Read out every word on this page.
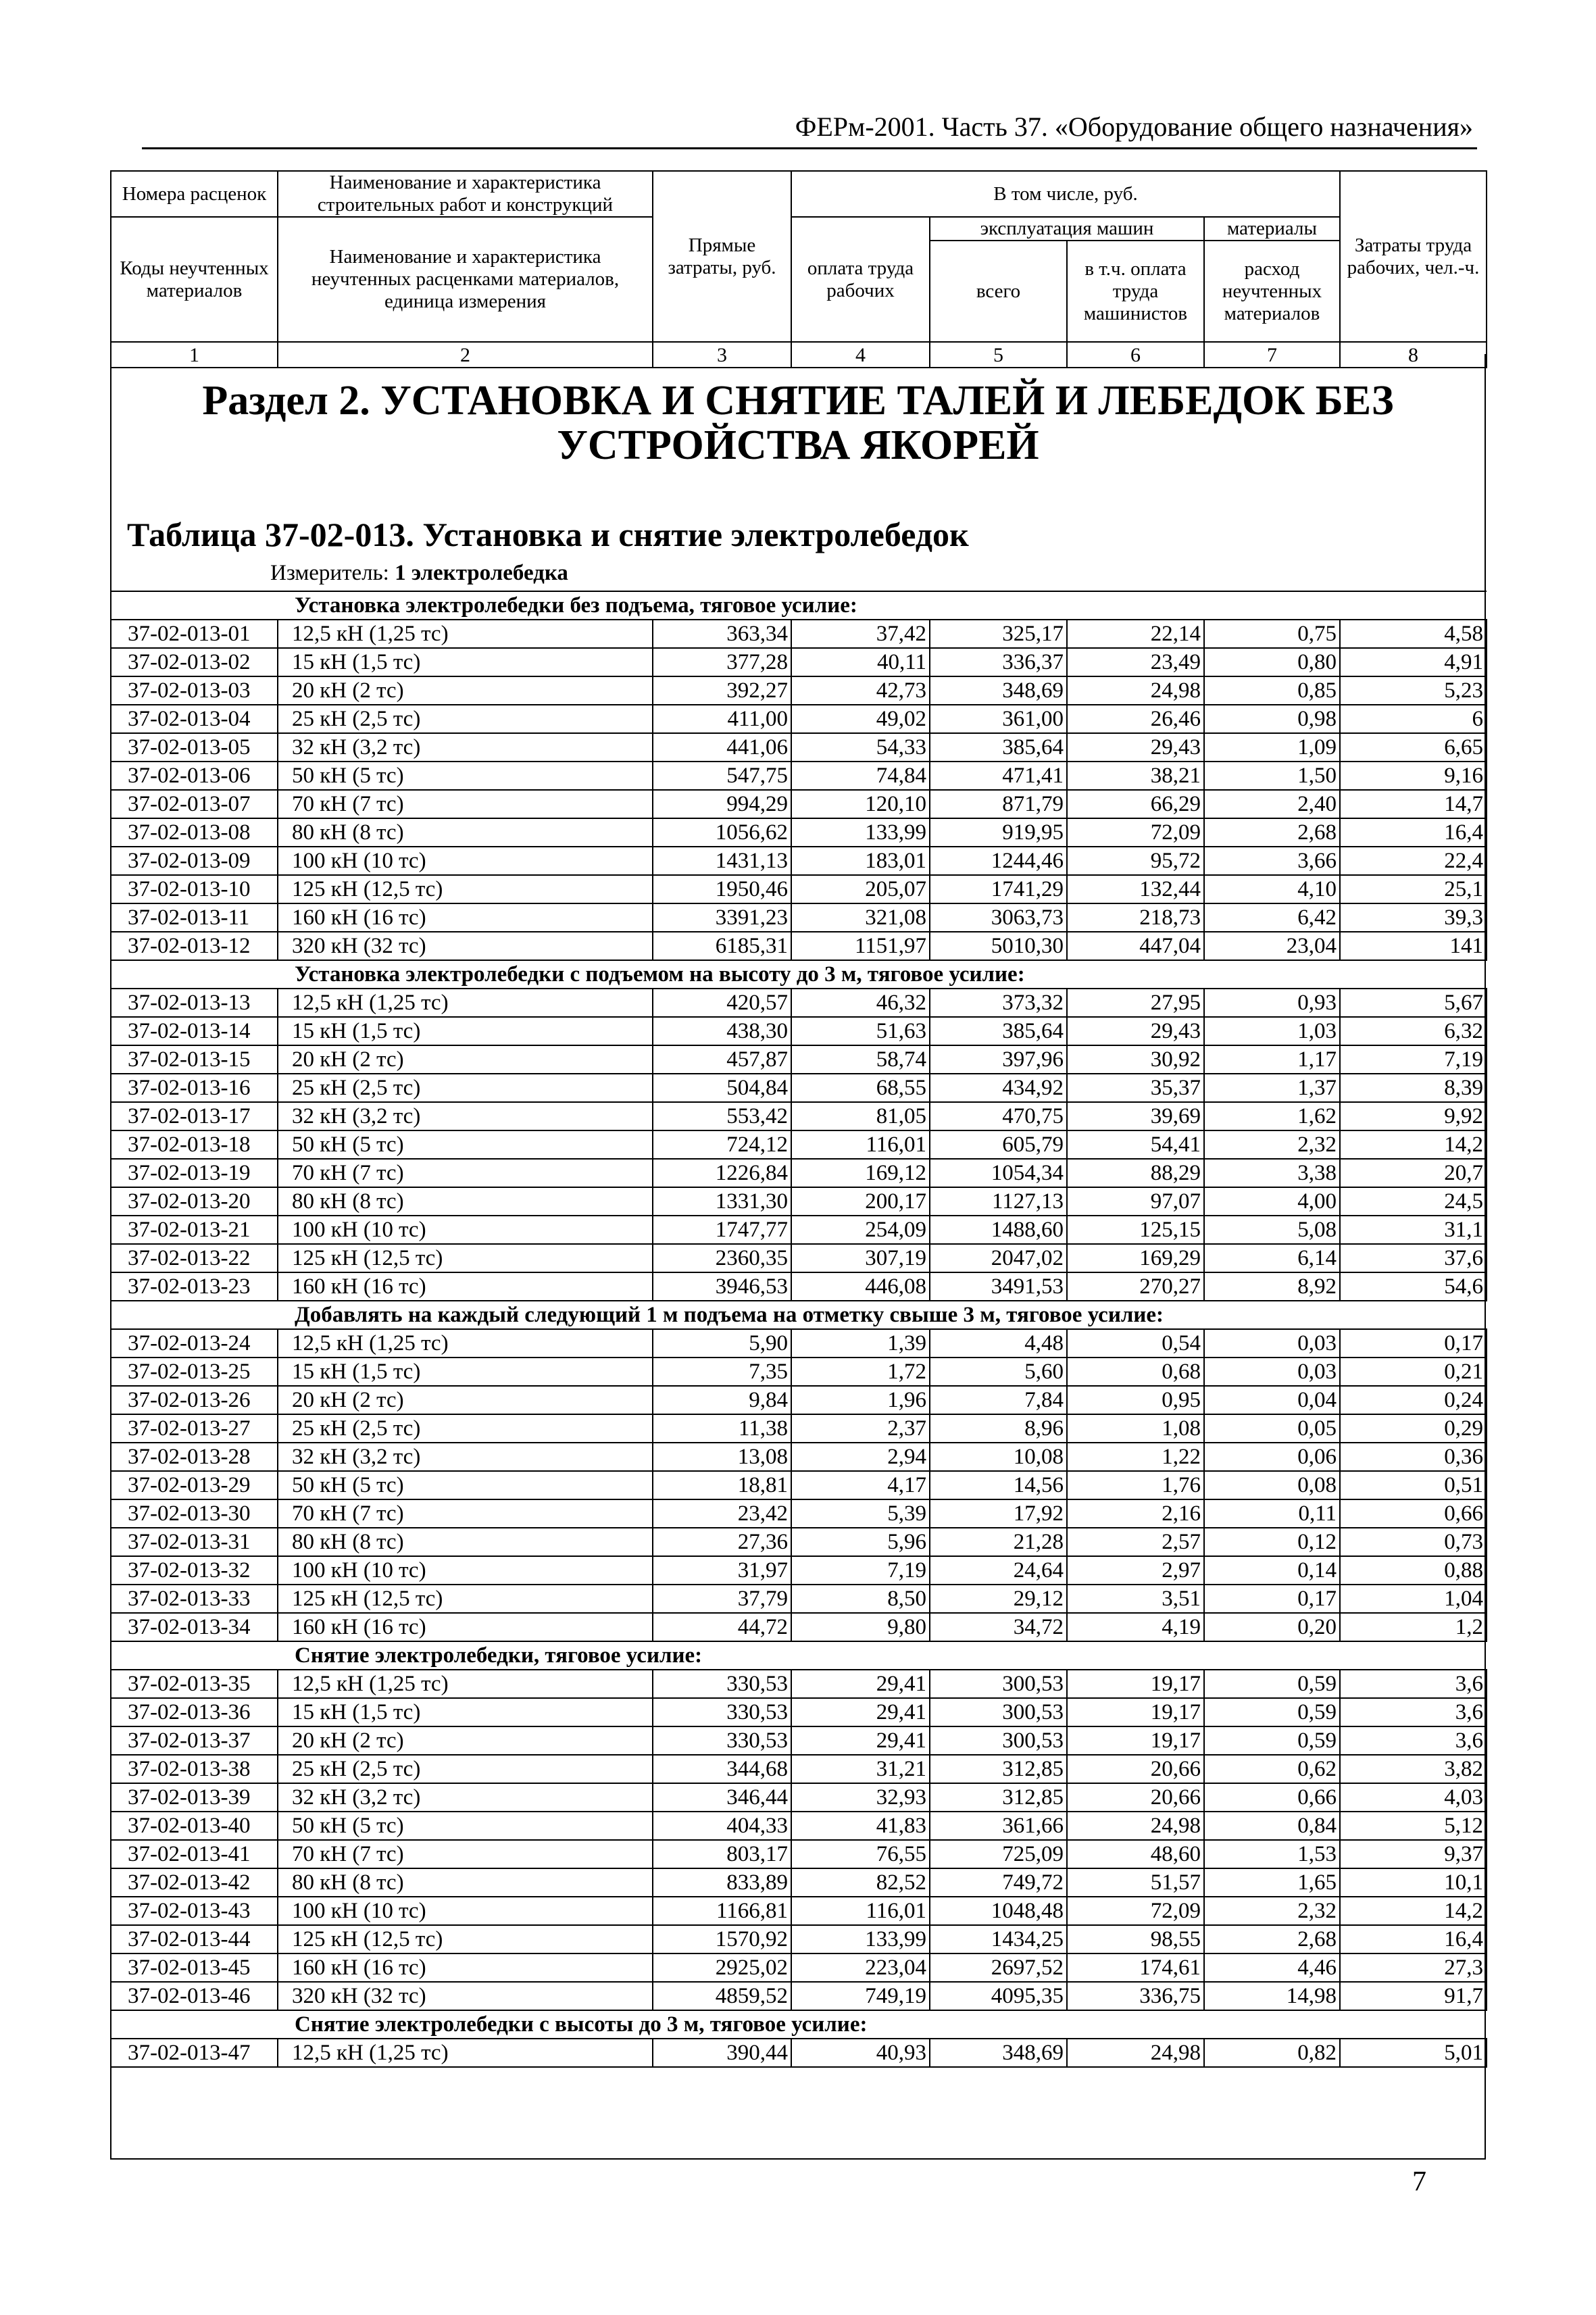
ФЕРм-2001. Часть 37. «Оборудование общего назначения»
Номера расценок	Наименование и характеристика строительных работ и конструкций	Прямые затраты, руб.	В том числе, руб.				Затраты труда рабочих, чел.-ч.
Коды неучтенных материалов	Наименование и характеристика неучтенных расценками материалов, единица измерения		оплата труда рабочих	эксплуатация машин		материалы	
				всего	в т.ч. оплата труда машинистов	расход неучтенных материалов	
1	2	3	4	5	6	7	8
Раздел 2. УСТАНОВКА И СНЯТИЕ ТАЛЕЙ И ЛЕБЕДОК БЕЗ УСТРОЙСТВА ЯКОРЕЙ
Таблица 37-02-013. Установка и снятие электролебедок
Измеритель: 1 электролебедка
Установка электролебедки без подъема, тяговое усилие:							
37-02-013-01	12,5 кН (1,25 тс)	363,34	37,42	325,17	22,14	0,75	4,58
37-02-013-02	15 кН (1,5 тс)	377,28	40,11	336,37	23,49	0,80	4,91
37-02-013-03	20 кН (2 тс)	392,27	42,73	348,69	24,98	0,85	5,23
37-02-013-04	25 кН (2,5 тс)	411,00	49,02	361,00	26,46	0,98	6
37-02-013-05	32 кН (3,2 тс)	441,06	54,33	385,64	29,43	1,09	6,65
37-02-013-06	50 кН (5 тс)	547,75	74,84	471,41	38,21	1,50	9,16
37-02-013-07	70 кН (7 тс)	994,29	120,10	871,79	66,29	2,40	14,7
37-02-013-08	80 кН (8 тс)	1056,62	133,99	919,95	72,09	2,68	16,4
37-02-013-09	100 кН (10 тс)	1431,13	183,01	1244,46	95,72	3,66	22,4
37-02-013-10	125 кН (12,5 тс)	1950,46	205,07	1741,29	132,44	4,10	25,1
37-02-013-11	160 кН (16 тс)	3391,23	321,08	3063,73	218,73	6,42	39,3
37-02-013-12	320 кН (32 тс)	6185,31	1151,97	5010,30	447,04	23,04	141
Установка электролебедки с подъемом на высоту до 3 м, тяговое усилие:							
37-02-013-13	12,5 кН (1,25 тс)	420,57	46,32	373,32	27,95	0,93	5,67
37-02-013-14	15 кН (1,5 тс)	438,30	51,63	385,64	29,43	1,03	6,32
37-02-013-15	20 кН (2 тс)	457,87	58,74	397,96	30,92	1,17	7,19
37-02-013-16	25 кН (2,5 тс)	504,84	68,55	434,92	35,37	1,37	8,39
37-02-013-17	32 кН (3,2 тс)	553,42	81,05	470,75	39,69	1,62	9,92
37-02-013-18	50 кН (5 тс)	724,12	116,01	605,79	54,41	2,32	14,2
37-02-013-19	70 кН (7 тс)	1226,84	169,12	1054,34	88,29	3,38	20,7
37-02-013-20	80 кН (8 тс)	1331,30	200,17	1127,13	97,07	4,00	24,5
37-02-013-21	100 кН (10 тс)	1747,77	254,09	1488,60	125,15	5,08	31,1
37-02-013-22	125 кН (12,5 тс)	2360,35	307,19	2047,02	169,29	6,14	37,6
37-02-013-23	160 кН (16 тс)	3946,53	446,08	3491,53	270,27	8,92	54,6
Добавлять на каждый следующий 1 м подъема на отметку свыше 3 м, тяговое усилие:							
37-02-013-24	12,5 кН (1,25 тс)	5,90	1,39	4,48	0,54	0,03	0,17
37-02-013-25	15 кН (1,5 тс)	7,35	1,72	5,60	0,68	0,03	0,21
37-02-013-26	20 кН (2 тс)	9,84	1,96	7,84	0,95	0,04	0,24
37-02-013-27	25 кН (2,5 тс)	11,38	2,37	8,96	1,08	0,05	0,29
37-02-013-28	32 кН (3,2 тс)	13,08	2,94	10,08	1,22	0,06	0,36
37-02-013-29	50 кН (5 тс)	18,81	4,17	14,56	1,76	0,08	0,51
37-02-013-30	70 кН (7 тс)	23,42	5,39	17,92	2,16	0,11	0,66
37-02-013-31	80 кН (8 тс)	27,36	5,96	21,28	2,57	0,12	0,73
37-02-013-32	100 кН (10 тс)	31,97	7,19	24,64	2,97	0,14	0,88
37-02-013-33	125 кН (12,5 тс)	37,79	8,50	29,12	3,51	0,17	1,04
37-02-013-34	160 кН (16 тс)	44,72	9,80	34,72	4,19	0,20	1,2
Снятие электролебедки, тяговое усилие:							
37-02-013-35	12,5 кН (1,25 тс)	330,53	29,41	300,53	19,17	0,59	3,6
37-02-013-36	15 кН (1,5 тс)	330,53	29,41	300,53	19,17	0,59	3,6
37-02-013-37	20 кН (2 тс)	330,53	29,41	300,53	19,17	0,59	3,6
37-02-013-38	25 кН (2,5 тс)	344,68	31,21	312,85	20,66	0,62	3,82
37-02-013-39	32 кН (3,2 тс)	346,44	32,93	312,85	20,66	0,66	4,03
37-02-013-40	50 кН (5 тс)	404,33	41,83	361,66	24,98	0,84	5,12
37-02-013-41	70 кН (7 тс)	803,17	76,55	725,09	48,60	1,53	9,37
37-02-013-42	80 кН (8 тс)	833,89	82,52	749,72	51,57	1,65	10,1
37-02-013-43	100 кН (10 тс)	1166,81	116,01	1048,48	72,09	2,32	14,2
37-02-013-44	125 кН (12,5 тс)	1570,92	133,99	1434,25	98,55	2,68	16,4
37-02-013-45	160 кН (16 тс)	2925,02	223,04	2697,52	174,61	4,46	27,3
37-02-013-46	320 кН (32 тс)	4859,52	749,19	4095,35	336,75	14,98	91,7
Снятие электролебедки с высоты до 3 м, тяговое усилие:							
37-02-013-47	12,5 кН (1,25 тс)	390,44	40,93	348,69	24,98	0,82	5,01
7
